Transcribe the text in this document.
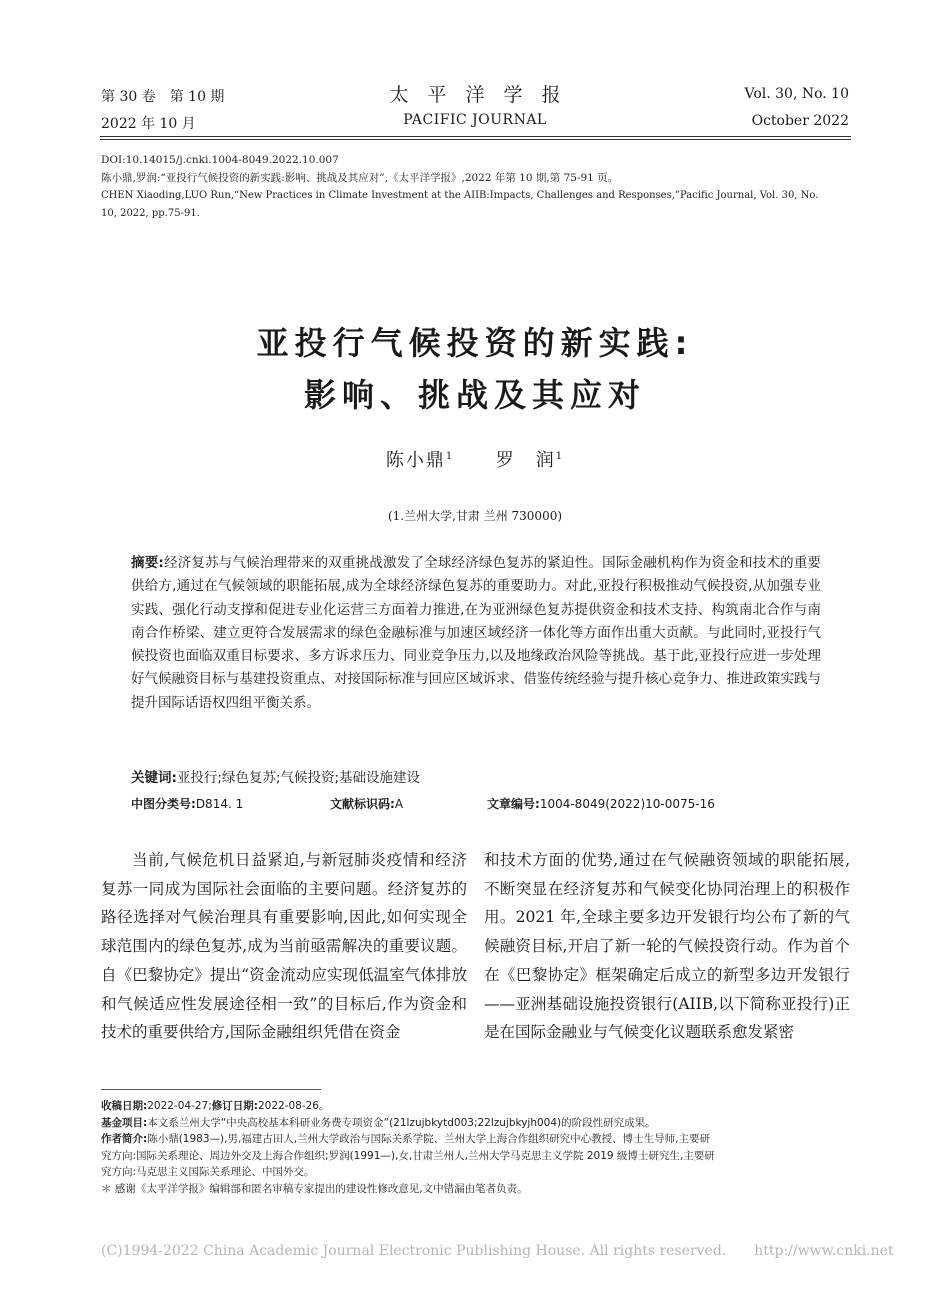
第 30 卷　第 10 期
2022 年 10 月
太　平　洋　学　报
PACIFIC JOURNAL
Vol. 30, No. 10
October 2022
DOI:10.14015/j.cnki.1004-8049.2022.10.007
陈小鼎,罗润:“亚投行气候投资的新实践:影响、挑战及其应对”,《太平洋学报》,2022 年第 10 期,第 75-91 页。
CHEN Xiaoding,LUO Run,“New Practices in Climate Investment at the AIIB:Impacts, Challenges and Responses,”Pacific Journal, Vol. 30, No.
10, 2022, pp.75-91.
亚投行气候投资的新实践:
影响、挑战及其应对
陈小鼎$^1$ 罗　润$^1$
(1.兰州大学,甘肃 兰州 730000)
摘要:经济复苏与气候治理带来的双重挑战激发了全球经济绿色复苏的紧迫性。国际金融机构作为资金和技术的重要供给方,通过在气候领域的职能拓展,成为全球经济绿色复苏的重要助力。对此,亚投行积极推动气候投资,从加强专业实践、强化行动支撑和促进专业化运营三方面着力推进,在为亚洲绿色复苏提供资金和技术支持、构筑南北合作与南南合作桥梁、建立更符合发展需求的绿色金融标准与加速区域经济一体化等方面作出重大贡献。与此同时,亚投行气候投资也面临双重目标要求、多方诉求压力、同业竞争压力,以及地缘政治风险等挑战。基于此,亚投行应进一步处理好气候融资目标与基建投资重点、对接国际标准与回应区域诉求、借鉴传统经验与提升核心竞争力、推进政策实践与提升国际话语权四组平衡关系。
关键词:亚投行;绿色复苏;气候投资;基础设施建设
中图分类号:D814. 1	文献标识码:A	文章编号:1004-8049(2022)10-0075-16

当前,气候危机日益紧迫,与新冠肺炎疫情和经济复苏一同成为国际社会面临的主要问题。经济复苏的路径选择对气候治理具有重要影响,因此,如何实现全球范围内的绿色复苏,成为当前亟需解决的重要议题。自《巴黎协定》提出“资金流动应实现低温室气体排放和气候适应性发展途径相一致”的目标后,作为资金和技术的重要供给方,国际金融组织凭借在资金

和技术方面的优势,通过在气候融资领域的职能拓展,不断突显在经济复苏和气候变化协同治理上的积极作用。2021 年,全球主要多边开发银行均公布了新的气候融资目标,开启了新一轮的气候投资行动。作为首个在《巴黎协定》框架确定后成立的新型多边开发银行——亚洲基础设施投资银行(AIIB,以下简称亚投行)正是在国际金融业与气候变化议题联系愈发紧密

收稿日期:2022-04-27;修订日期:2022-08-26。
基金项目:本文系兰州大学“中央高校基本科研业务费专项资金”(21lzujbkytd003;22lzujbkyjh004)的阶段性研究成果。
作者简介:陈小鼎(1983—),男,福建古田人,兰州大学政治与国际关系学院、兰州大学上海合作组织研究中心教授、博士生导师,主要研
究方向:国际关系理论、周边外交及上海合作组织;罗润(1991—),女,甘肃兰州人,兰州大学马克思主义学院 2019 级博士研究生,主要研
究方向:马克思主义国际关系理论、中国外交。
＊ 感谢《太平洋学报》编辑部和匿名审稿专家提出的建设性修改意见,文中错漏由笔者负责。
(C)1994-2022 China Academic Journal Electronic Publishing House. All rights reserved.　　http://www.cnki.net
